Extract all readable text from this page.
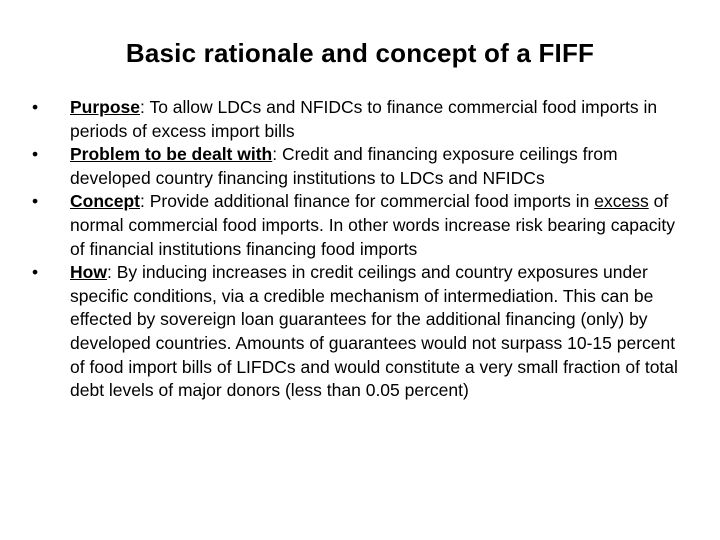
Basic rationale and concept of a FIFF
• Purpose: To allow LDCs and NFIDCs to finance commercial food imports in periods of excess import bills
• Problem to be dealt with: Credit and financing exposure ceilings from developed country financing institutions to LDCs and NFIDCs
• Concept: Provide additional finance for commercial food imports in excess of normal commercial food imports. In other words increase risk bearing capacity of financial institutions financing food imports
• How: By inducing increases in credit ceilings and country exposures under specific conditions, via a credible mechanism of intermediation. This can be effected by sovereign loan guarantees for the additional financing (only) by developed countries. Amounts of guarantees would not surpass 10-15 percent of food import bills of LIFDCs and would constitute a very small fraction of total debt levels of major donors (less than 0.05 percent)
